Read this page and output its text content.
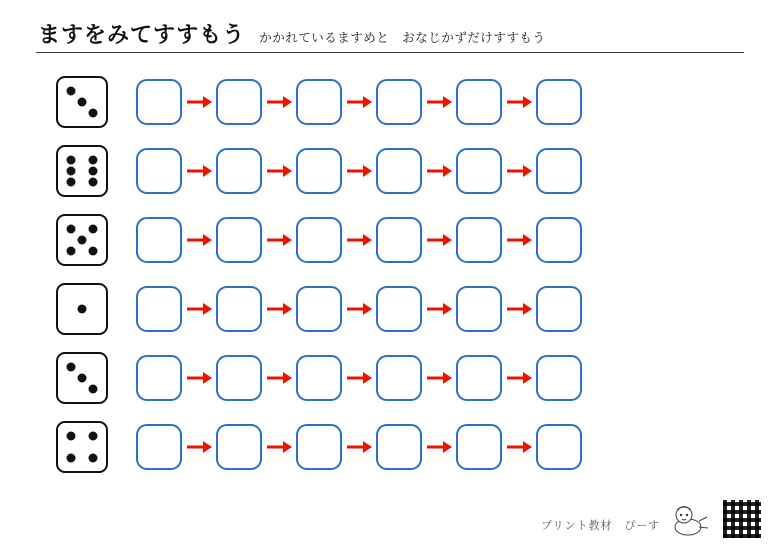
ますをみてすすもう かかれているますめと　おなじかずだけすすもう
プリント教材　ぴーす
